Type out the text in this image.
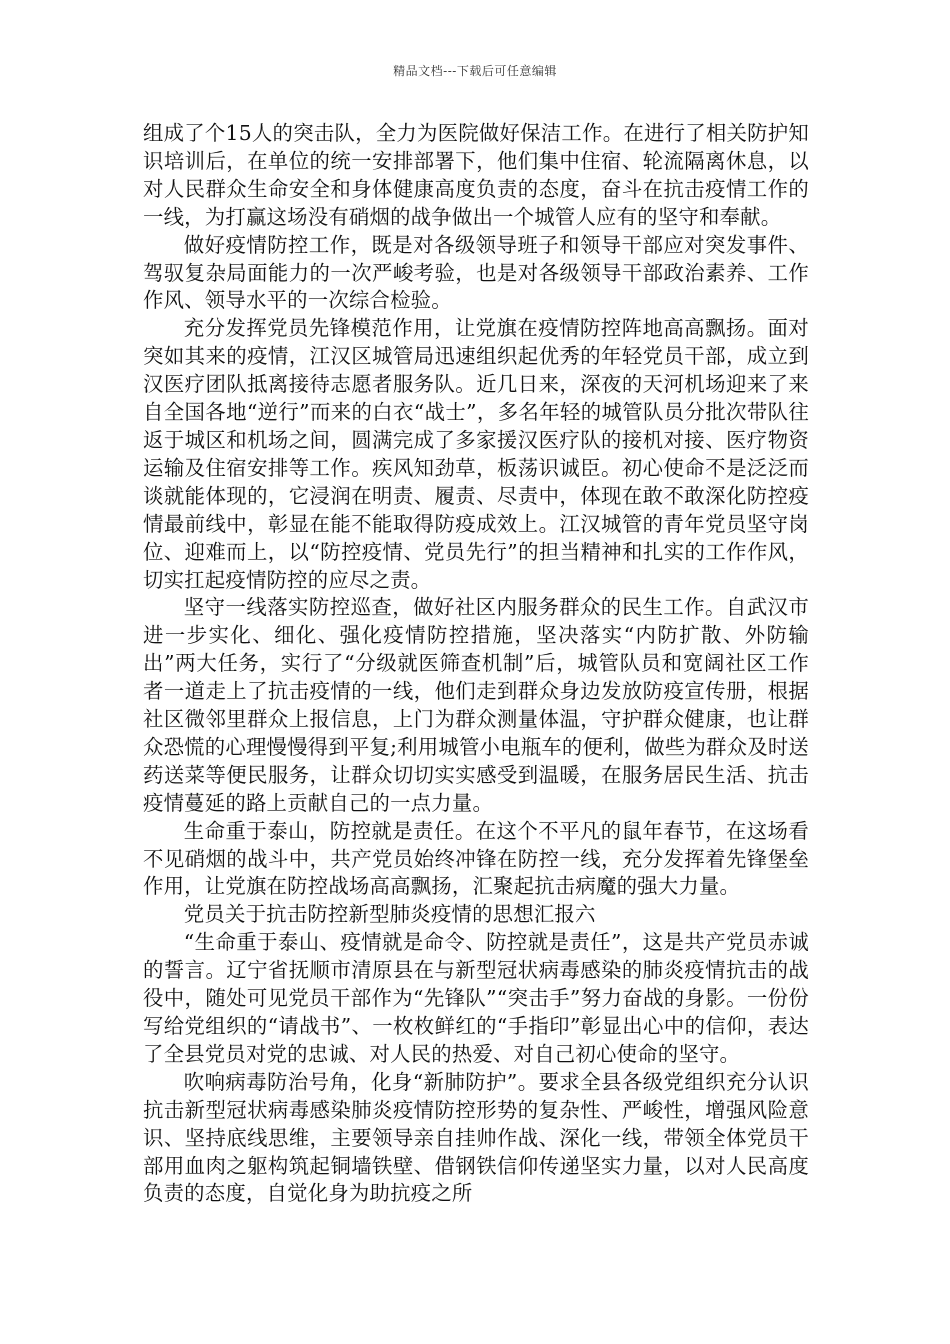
精品文档---下载后可任意编辑

组成了个15人的突击队，全力为医院做好保洁工作。在进行了相关防护知识培训后，在单位的统一安排部署下，他们集中住宿、轮流隔离休息，以对人民群众生命安全和身体健康高度负责的态度，奋斗在抗击疫情工作的一线，为打赢这场没有硝烟的战争做出一个城管人应有的坚守和奉献。

做好疫情防控工作，既是对各级领导班子和领导干部应对突发事件、驾驭复杂局面能力的一次严峻考验，也是对各级领导干部政治素养、工作作风、领导水平的一次综合检验。

充分发挥党员先锋模范作用，让党旗在疫情防控阵地高高飘扬。面对突如其来的疫情，江汉区城管局迅速组织起优秀的年轻党员干部，成立到汉医疗团队抵离接待志愿者服务队。近几日来，深夜的天河机场迎来了来自全国各地“逆行”而来的白衣“战士”，多名年轻的城管队员分批次带队往返于城区和机场之间，圆满完成了多家援汉医疗队的接机对接、医疗物资运输及住宿安排等工作。疾风知劲草，板荡识诚臣。初心使命不是泛泛而谈就能体现的，它浸润在明责、履责、尽责中，体现在敢不敢深化防控疫情最前线中，彰显在能不能取得防疫成效上。江汉城管的青年党员坚守岗位、迎难而上，以“防控疫情、党员先行”的担当精神和扎实的工作作风，切实扛起疫情防控的应尽之责。

坚守一线落实防控巡查，做好社区内服务群众的民生工作。自武汉市进一步实化、细化、强化疫情防控措施，坚决落实“内防扩散、外防输出”两大任务，实行了“分级就医筛查机制”后，城管队员和宽阔社区工作者一道走上了抗击疫情的一线，他们走到群众身边发放防疫宣传册，根据社区微邻里群众上报信息，上门为群众测量体温，守护群众健康，也让群众恐慌的心理慢慢得到平复;利用城管小电瓶车的便利，做些为群众及时送药送菜等便民服务，让群众切切实实感受到温暖，在服务居民生活、抗击疫情蔓延的路上贡献自己的一点力量。

生命重于泰山，防控就是责任。在这个不平凡的鼠年春节，在这场看不见硝烟的战斗中，共产党员始终冲锋在防控一线，充分发挥着先锋堡垒作用，让党旗在防控战场高高飘扬，汇聚起抗击病魔的强大力量。

党员关于抗击防控新型肺炎疫情的思想汇报六

“生命重于泰山、疫情就是命令、防控就是责任”，这是共产党员赤诚的誓言。辽宁省抚顺市清原县在与新型冠状病毒感染的肺炎疫情抗击的战役中，随处可见党员干部作为“先锋队”“突击手”努力奋战的身影。一份份写给党组织的“请战书”、一枚枚鲜红的“手指印”彰显出心中的信仰，表达了全县党员对党的忠诚、对人民的热爱、对自己初心使命的坚守。

吹响病毒防治号角，化身“新肺防护”。要求全县各级党组织充分认识抗击新型冠状病毒感染肺炎疫情防控形势的复杂性、严峻性，增强风险意识、坚持底线思维，主要领导亲自挂帅作战、深化一线，带领全体党员干部用血肉之躯构筑起铜墙铁壁、借钢铁信仰传递坚实力量，以对人民高度负责的态度，自觉化身为助抗疫之所
